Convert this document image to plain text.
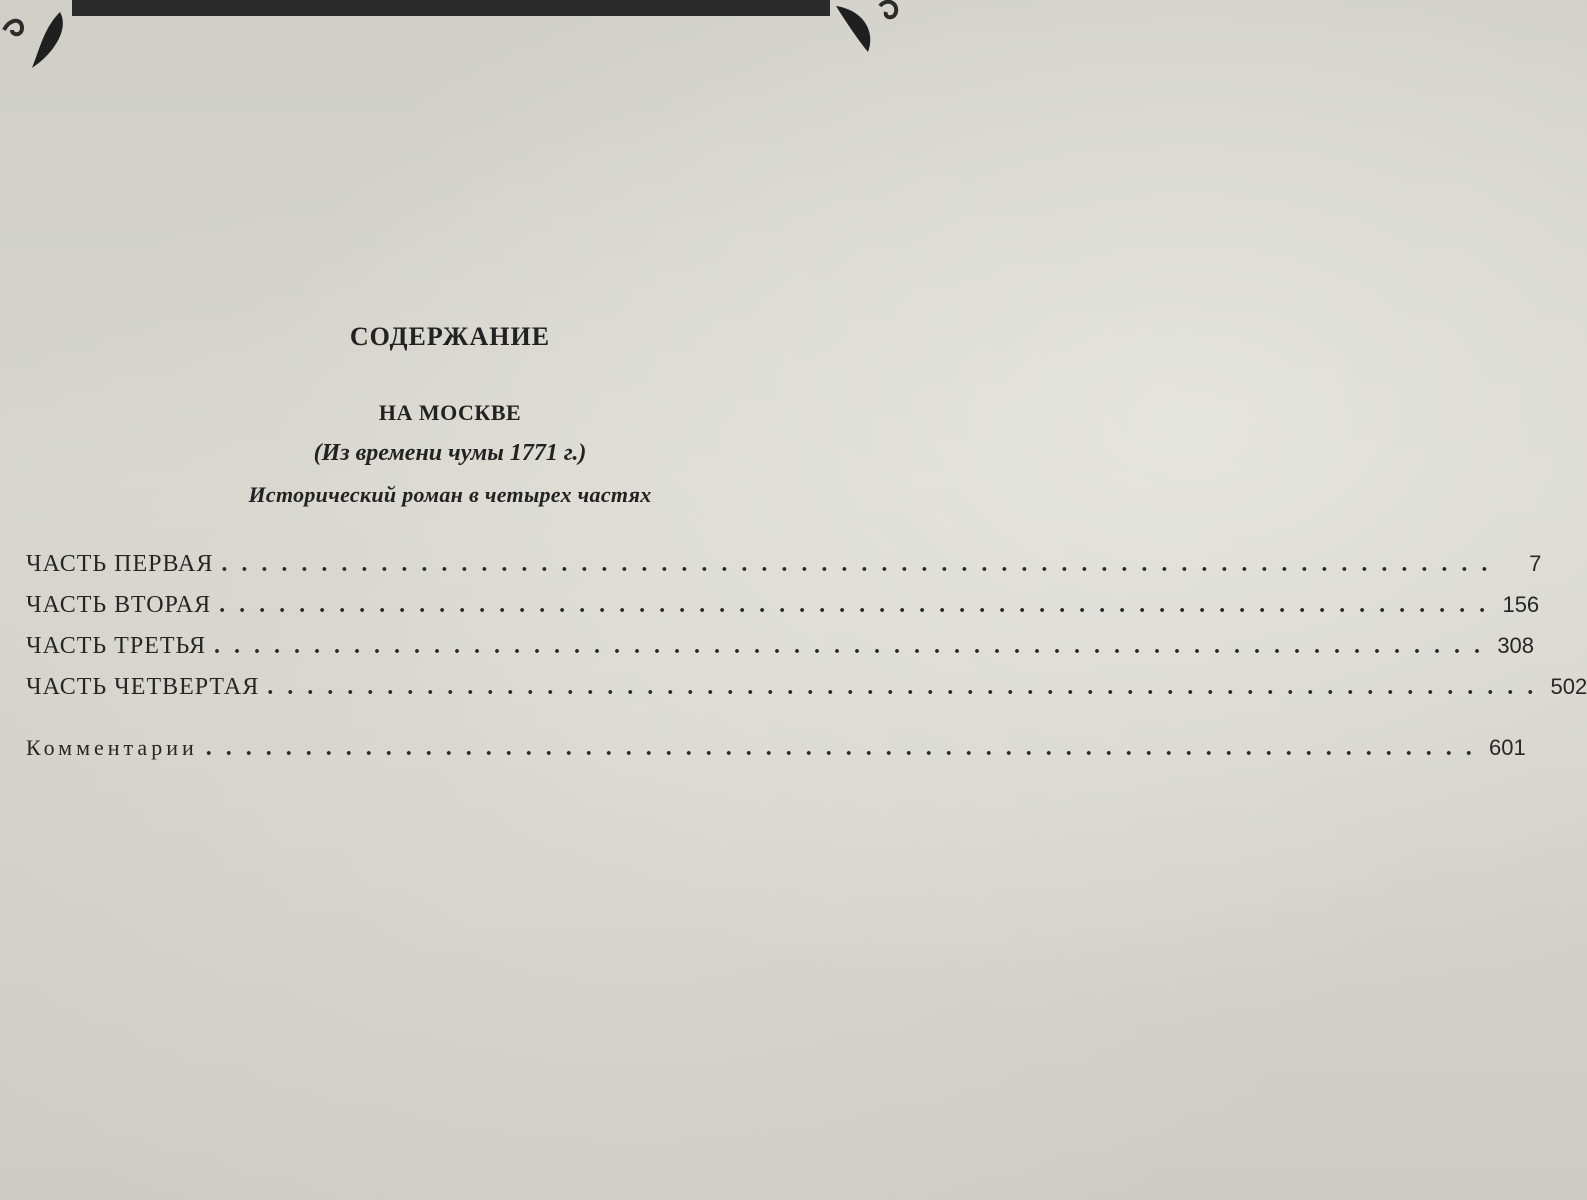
СОДЕРЖАНИЕ
НА МОСКВЕ
(Из времени чумы 1771 г.)
Исторический роман в четырех частях
ЧАСТЬ ПЕРВАЯ ................................................................	7
ЧАСТЬ ВТОРАЯ ................................................................ 156
ЧАСТЬ ТРЕТЬЯ ................................................................ 308
ЧАСТЬ ЧЕТВЕРТАЯ ................................................................ 502
Комментарии ................................................................ 601
